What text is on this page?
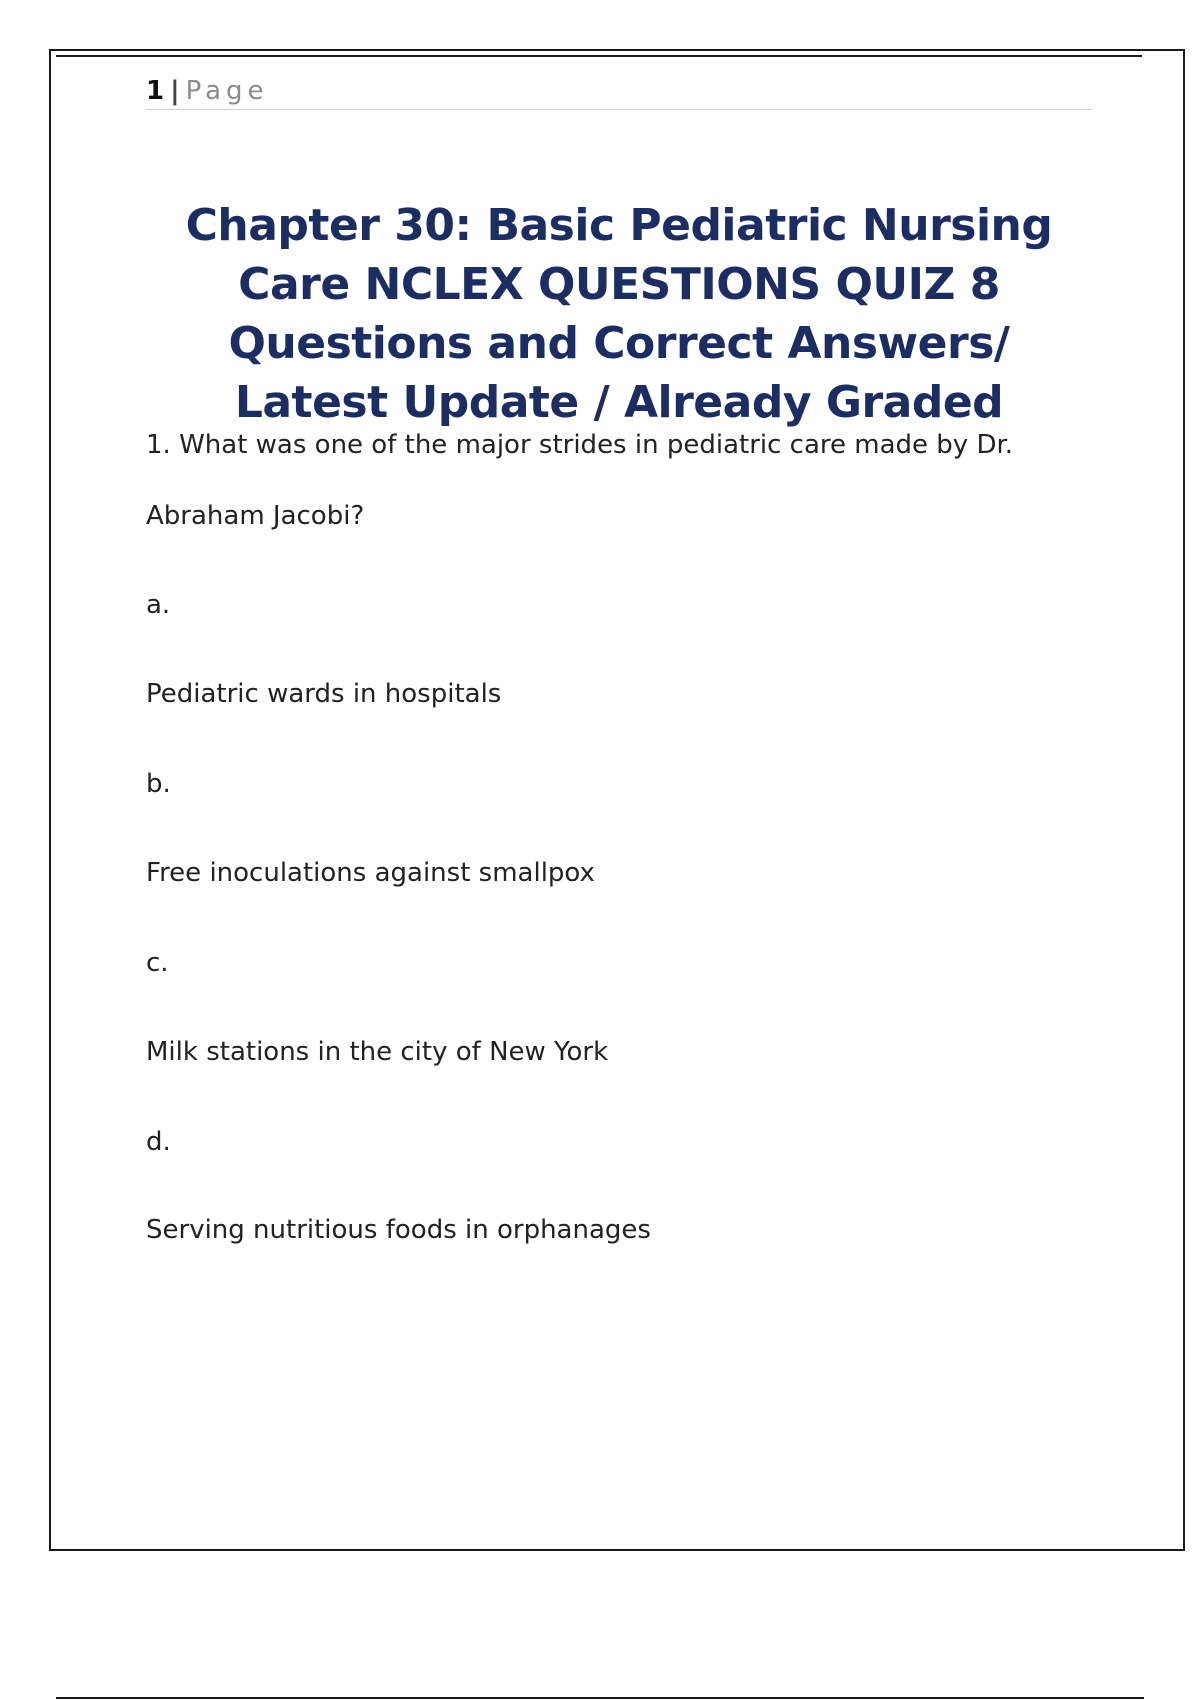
1 | Page
Chapter 30: Basic Pediatric Nursing Care NCLEX QUESTIONS QUIZ 8 Questions and Correct Answers/ Latest Update / Already Graded
1. What was one of the major strides in pediatric care made by Dr.
Abraham Jacobi?
a.
Pediatric wards in hospitals
b.
Free inoculations against smallpox
c.
Milk stations in the city of New York
d.
Serving nutritious foods in orphanages
